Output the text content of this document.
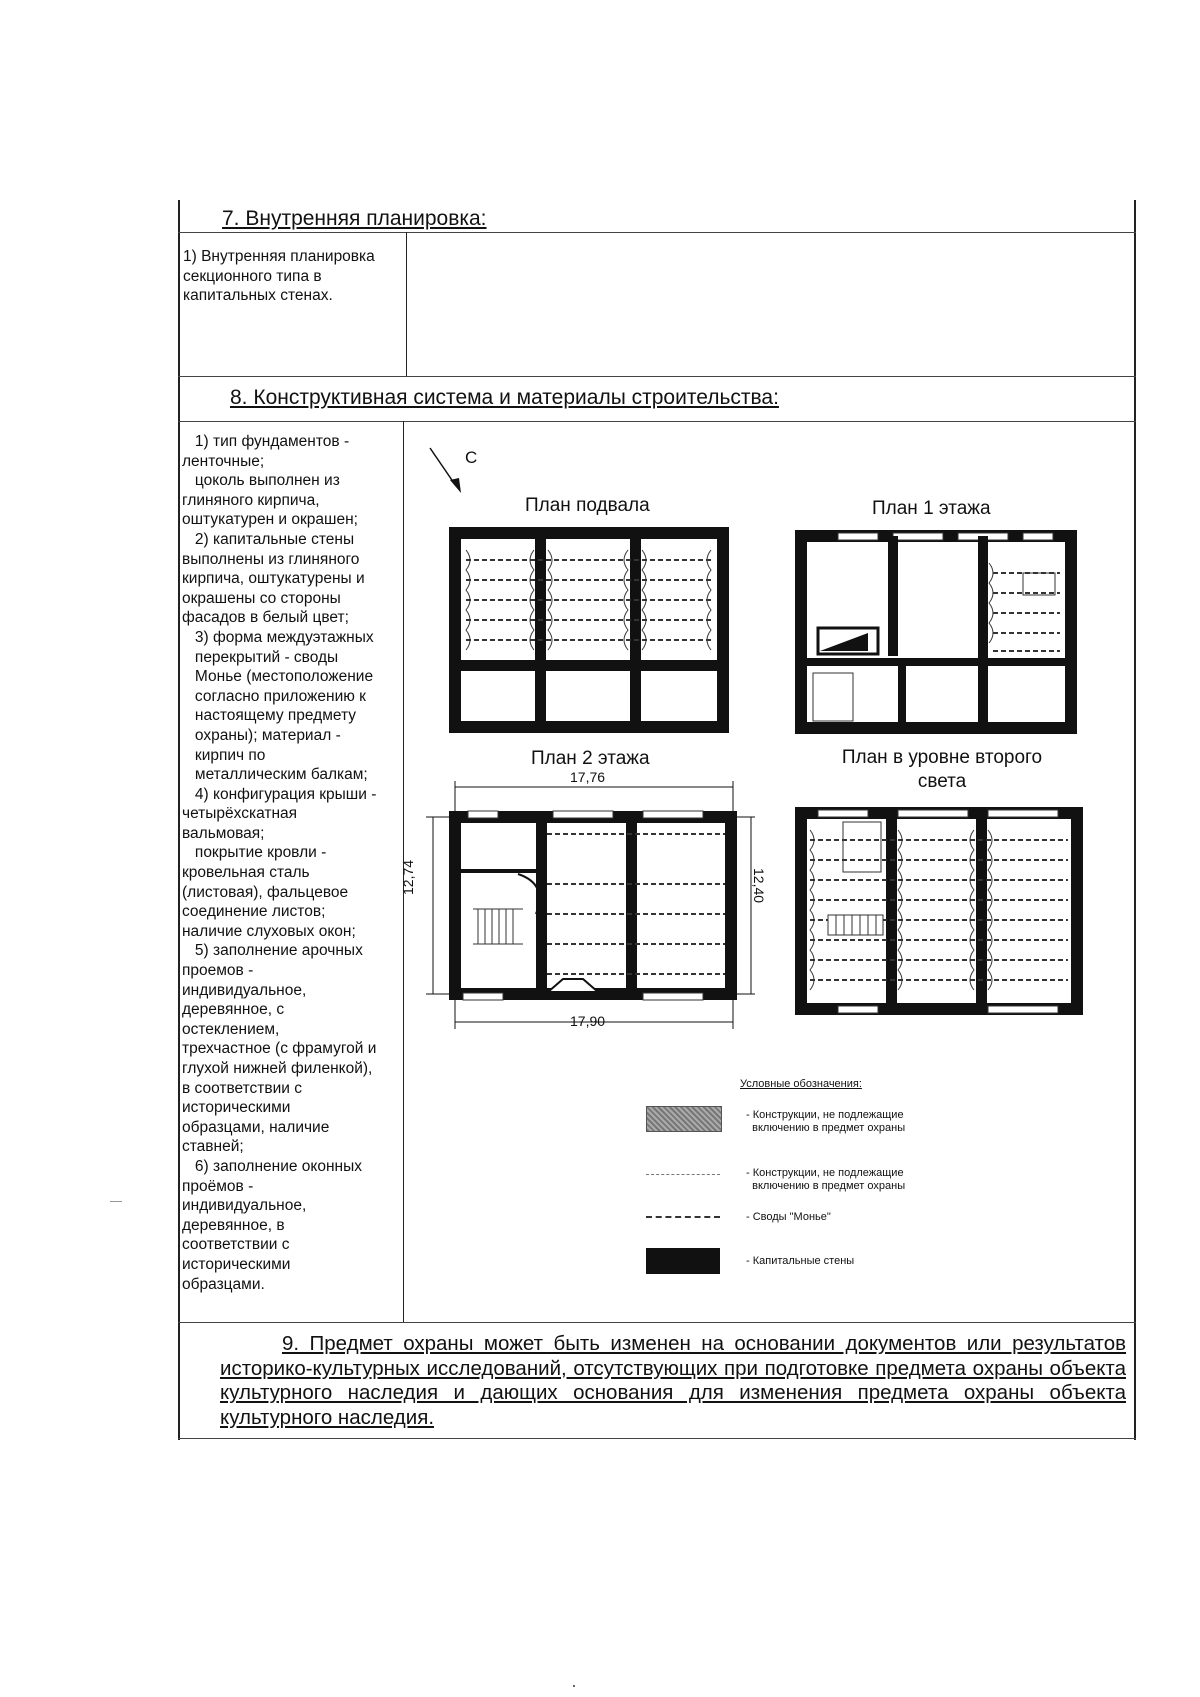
7. Внутренняя планировка:
1) Внутренняя планировка
секционного типа в
капитальных стенах.
8. Конструктивная система и материалы строительства:
1) тип фундаментов -
ленточные;
цоколь выполнен из
глиняного кирпича,
оштукатурен и окрашен;
2) капитальные стены
выполнены из глиняного
кирпича, оштукатурены и
окрашены со стороны
фасадов в белый цвет;
3) форма междуэтажных
перекрытий - своды
Монье (местоположение
согласно приложению к
настоящему предмету
охраны); материал -
кирпич по
металлическим балкам;
4) конфигурация крыши -
четырёхскатная
вальмовая;
покрытие кровли -
кровельная сталь
(листовая), фальцевое
соединение листов;
наличие слуховых окон;
5) заполнение арочных
проемов -
индивидуальное,
деревянное, с
остеклением,
трехчастное (с фрамугой и
глухой нижней филенкой),
в соответствии с
историческими
образцами, наличие
ставней;
6) заполнение оконных
проёмов -
индивидуальное,
деревянное, в
соответствии с
историческими
образцами.
С
План подвала	План 1 этажа
План 2 этажа	План в уровне второго
света
17,76
17,90
12,74	12,40
Условные обозначения:
- Конструкции, не подлежащие
включению в предмет охраны
- Конструкции, не подлежащие
включению в предмет охраны
- Своды "Монье"
- Капитальные стены
9. Предмет охраны может быть изменен на основании документов или результатов историко-культурных исследований, отсутствующих при подготовке предмета охраны объекта культурного наследия и дающих основания для изменения предмета охраны объекта культурного наследия.
